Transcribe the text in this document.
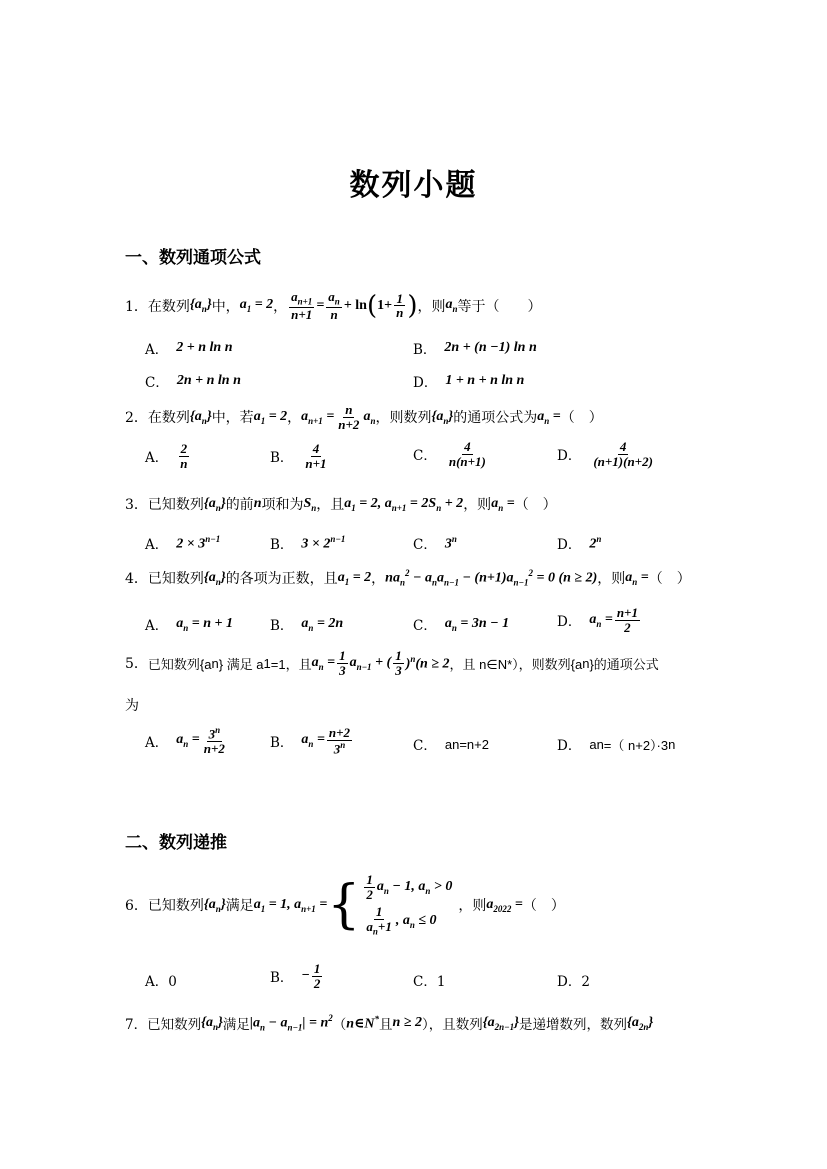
数列小题
一、数列通项公式
1． 在数列 $\{a_n\}$ 中， $a_1 = 2$ ， $\frac{a_{n+1}}{n+1} = \frac{a_n}{n} + \ln$ ( $1+ \frac{1}{n}$ ) ，则 $a_n$ 等于（　　）
A． 2 + n ln n	B． 2n + (n −1) ln n
C． 2n + n ln n	D． 1 + n + n ln n
2． 在数列 $\{a_n\}$ 中，若 $a_1 = 2$ ， $a_{n+1} = \frac{n}{n+2} a_n$ ，则数列 $\{a_n\}$ 的通项公式为 $a_n$ = （　）
A． $\frac{2}{n}$	B． $\frac{4}{n+1}$	C． $\frac{4}{n(n+1)}$	D． $\frac{4}{(n+1)(n+2)}$
3． 已知数列 $\{a_n\}$ 的前 n 项和为 $S_n$ ，且 $a_1 = 2$, $a_{n+1} = 2S_n + 2$ ，则 $a_n$ = （　）
A． $2 \times 3^{n-1}$	B． $3 \times 2^{n-1}$	C． 3$^n$	D． 2$^n$
4． 已知数列 $\{a_n\}$ 的各项为正数，且 $a_1 = 2$ ， $na_n^2 - a_na_{n-1} - (n+1)a_{n-1}^2 = 0$ (n ≥ 2) ，则 $a_n$ = （　）
A． $a_n = n + 1$	B． $a_n = 2n$	C． $a_n = 3n - 1$	D． $a_n = \frac{n+1}{2}$
5． 已知数列{a n } 满足 a 1 =1，且 $a_n = \frac{1}{3} a_{n-1}$ + ( $\frac{1}{3} )^n(n \ge 2$ ，且 n∈N*），则数列{a n }的通项公式
为
A． $a_n = \frac{3^n}{n+2}$	B． $a_n = \frac{n+2}{3^n}$	C． a n =n+2	D． a n =（ n+2）·3 n
二、数列递推
6． 已知数列 $\{a_n\}$ 满足 $a_1 = 1$, $a_{n+1}$ = { $\frac{1}{2} a_n - 1$, $a_n > 0$
$\frac{1}{a_n+1}$ , $a_n \le 0$
，则 $a_{2022}$ = （　）
A．0	B． − $\frac{1}{2}$	C．1	D．2
7． 已知数列 $\{a_n\}$ 满足 $|a_n - a_{n-1}| = n^2$ （ n∈N* 且 n ≥ 2 ），且数列 $\{a_{2n-1}\}$ 是递增数列，数列 $\{a_{2n}\}$
